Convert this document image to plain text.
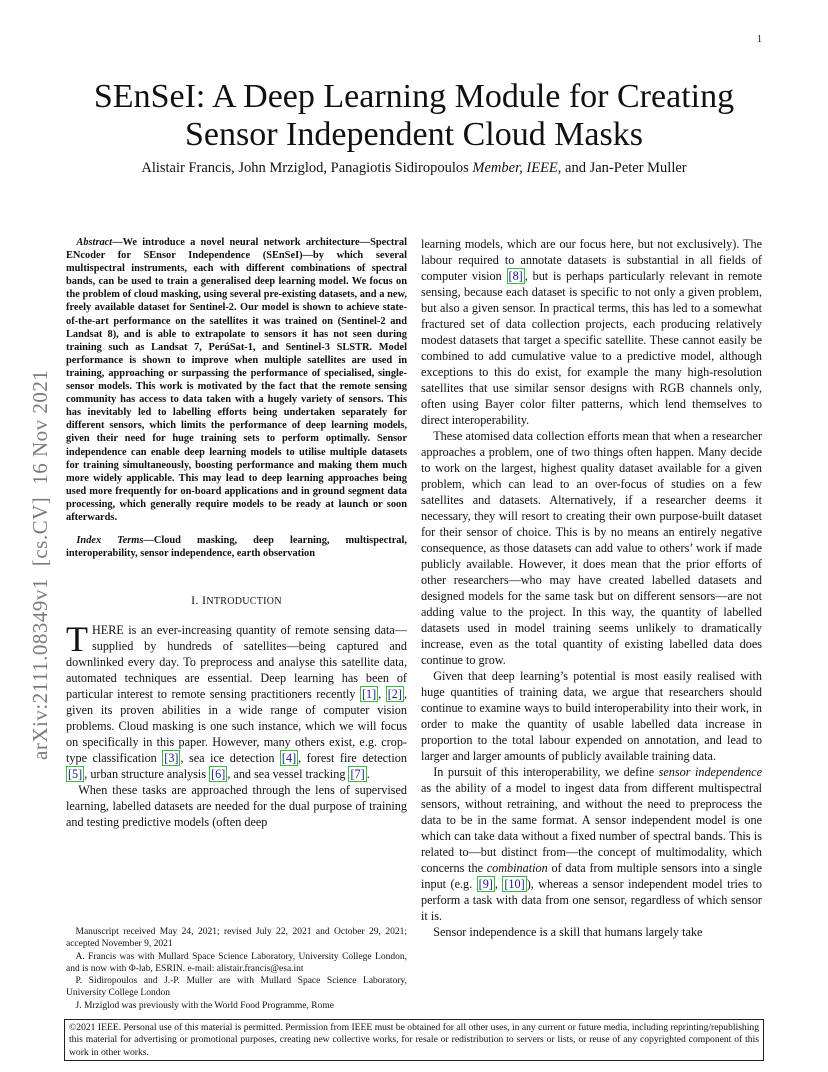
1
arXiv:2111.08349v1[cs.CV]16 Nov 2021
SEnSeI: A Deep Learning Module for Creating
Sensor Independent Cloud Masks
Alistair Francis, John Mrziglod, Panagiotis Sidiropoulos Member, IEEE, and Jan-Peter Muller

Abstract—We introduce a novel neural network architecture—Spectral ENcoder for SEnsor Independence (SEnSeI)—by which several multispectral instruments, each with different combinations of spectral bands, can be used to train a generalised deep learning model. We focus on the problem of cloud masking, using several pre-existing datasets, and a new, freely available dataset for Sentinel-2. Our model is shown to achieve state-of-the-art performance on the satellites it was trained on (Sentinel-2 and Landsat 8), and is able to extrapolate to sensors it has not seen during training such as Landsat 7, PerúSat-1, and Sentinel-3 SLSTR. Model performance is shown to improve when multiple satellites are used in training, approaching or surpassing the performance of specialised, single-sensor models. This work is motivated by the fact that the remote sensing community has access to data taken with a hugely variety of sensors. This has inevitably led to labelling efforts being undertaken separately for different sensors, which limits the performance of deep learning models, given their need for huge training sets to perform optimally. Sensor independence can enable deep learning models to utilise multiple datasets for training simultaneously, boosting performance and making them much more widely applicable. This may lead to deep learning approaches being used more frequently for on-board applications and in ground segment data processing, which generally require models to be ready at launch or soon afterwards.

Index Terms—Cloud masking, deep learning, multispectral, interoperability, sensor independence, earth observation

I. INTRODUCTION

THERE is an ever-increasing quantity of remote sensing data—supplied by hundreds of satellites—being captured and downlinked every day. To preprocess and analyse this satellite data, automated techniques are essential. Deep learning has been of particular interest to remote sensing practitioners recently [1] , [2] , given its proven abilities in a wide range of computer vision problems. Cloud masking is one such instance, which we will focus on specifically in this paper. However, many others exist, e.g. crop-type classification [3] , sea ice detection [4] , forest fire detection [5] , urban structure analysis [6] , and sea vessel tracking [7] .

When these tasks are approached through the lens of supervised learning, labelled datasets are needed for the dual purpose of training and testing predictive models (often deep

Manuscript received May 24, 2021; revised July 22, 2021 and October 29, 2021; accepted November 9, 2021

A. Francis was with Mullard Space Science Laboratory, University College London, and is now with Φ-lab, ESRIN. e-mail: alistair.francis@esa.int

P. Sidiropoulos and J.-P. Muller are with Mullard Space Science Laboratory, University College London

J. Mrziglod was previously with the World Food Programme, Rome

learning models, which are our focus here, but not exclusively). The labour required to annotate datasets is substantial in all fields of computer vision [8] , but is perhaps particularly relevant in remote sensing, because each dataset is specific to not only a given problem, but also a given sensor. In practical terms, this has led to a somewhat fractured set of data collection projects, each producing relatively modest datasets that target a specific satellite. These cannot easily be combined to add cumulative value to a predictive model, although exceptions to this do exist, for example the many high-resolution satellites that use similar sensor designs with RGB channels only, often using Bayer color filter patterns, which lend themselves to direct interoperability.

These atomised data collection efforts mean that when a researcher approaches a problem, one of two things often happen. Many decide to work on the largest, highest quality dataset available for a given problem, which can lead to an over-focus of studies on a few satellites and datasets. Alternatively, if a researcher deems it necessary, they will resort to creating their own purpose-built dataset for their sensor of choice. This is by no means an entirely negative consequence, as those datasets can add value to others’ work if made publicly available. However, it does mean that the prior efforts of other researchers—who may have created labelled datasets and designed models for the same task but on different sensors—are not adding value to the project. In this way, the quantity of labelled datasets used in model training seems unlikely to dramatically increase, even as the total quantity of existing labelled data does continue to grow.

Given that deep learning’s potential is most easily realised with huge quantities of training data, we argue that researchers should continue to examine ways to build interoperability into their work, in order to make the quantity of usable labelled data increase in proportion to the total labour expended on annotation, and lead to larger and larger amounts of publicly available training data.

In pursuit of this interoperability, we define sensor independence as the ability of a model to ingest data from different multispectral sensors, without retraining, and without the need to preprocess the data to be in the same format. A sensor independent model is one which can take data without a fixed number of spectral bands. This is related to—but distinct from—the concept of multimodality, which concerns the combination of data from multiple sensors into a single input (e.g. [9] , [10] ), whereas a sensor independent model tries to perform a task with data from one sensor, regardless of which sensor it is.

Sensor independence is a skill that humans largely take

©2021 IEEE. Personal use of this material is permitted. Permission from IEEE must be obtained for all other uses, in any current or future media, including reprinting/republishing this material for advertising or promotional purposes, creating new collective works, for resale or redistribution to servers or lists, or reuse of any copyrighted component of this work in other works.
